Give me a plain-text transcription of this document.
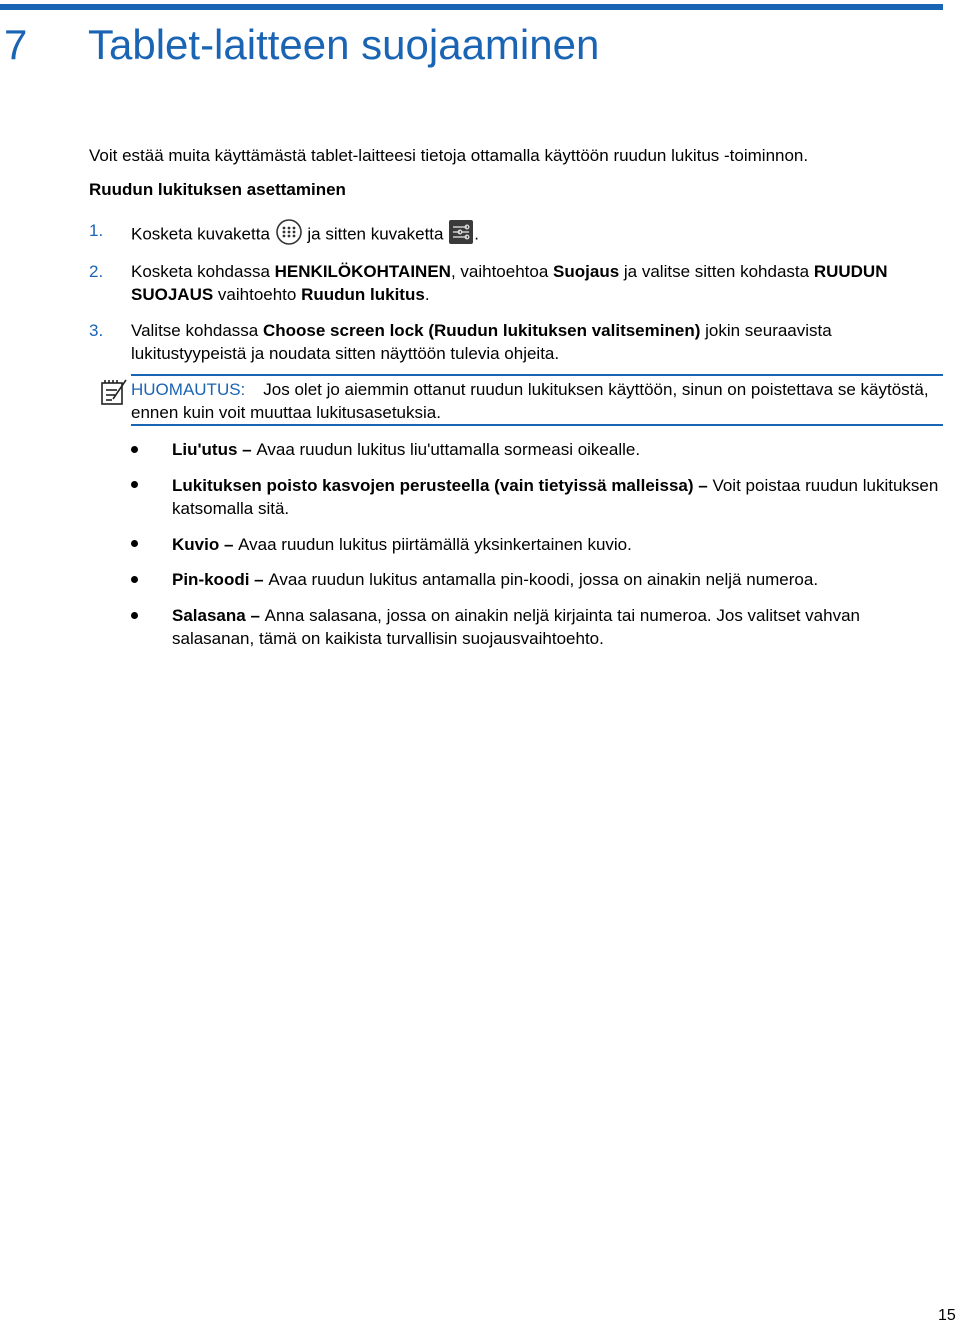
7 Tablet-laitteen suojaaminen
Voit estää muita käyttämästä tablet-laitteesi tietoja ottamalla käyttöön ruudun lukitus -toiminnon.
Ruudun lukituksen asettaminen
1. Kosketa kuvaketta ja sitten kuvaketta .
2. Kosketa kohdassa HENKILÖKOHTAINEN, vaihtoehtoa Suojaus ja valitse sitten kohdasta RUUDUN SUOJAUS vaihtoehto Ruudun lukitus.
3. Valitse kohdassa Choose screen lock (Ruudun lukituksen valitseminen) jokin seuraavista lukitustyypeistä ja noudata sitten näyttöön tulevia ohjeita.
HUOMAUTUS: Jos olet jo aiemmin ottanut ruudun lukituksen käyttöön, sinun on poistettava se käytöstä, ennen kuin voit muuttaa lukitusasetuksia.
Liu'utus – Avaa ruudun lukitus liu'uttamalla sormeasi oikealle.
Lukituksen poisto kasvojen perusteella (vain tietyissä malleissa) – Voit poistaa ruudun lukituksen katsomalla sitä.
Kuvio – Avaa ruudun lukitus piirtämällä yksinkertainen kuvio.
Pin-koodi – Avaa ruudun lukitus antamalla pin-koodi, jossa on ainakin neljä numeroa.
Salasana – Anna salasana, jossa on ainakin neljä kirjainta tai numeroa. Jos valitset vahvan salasanan, tämä on kaikista turvallisin suojausvaihtoehto.
15
